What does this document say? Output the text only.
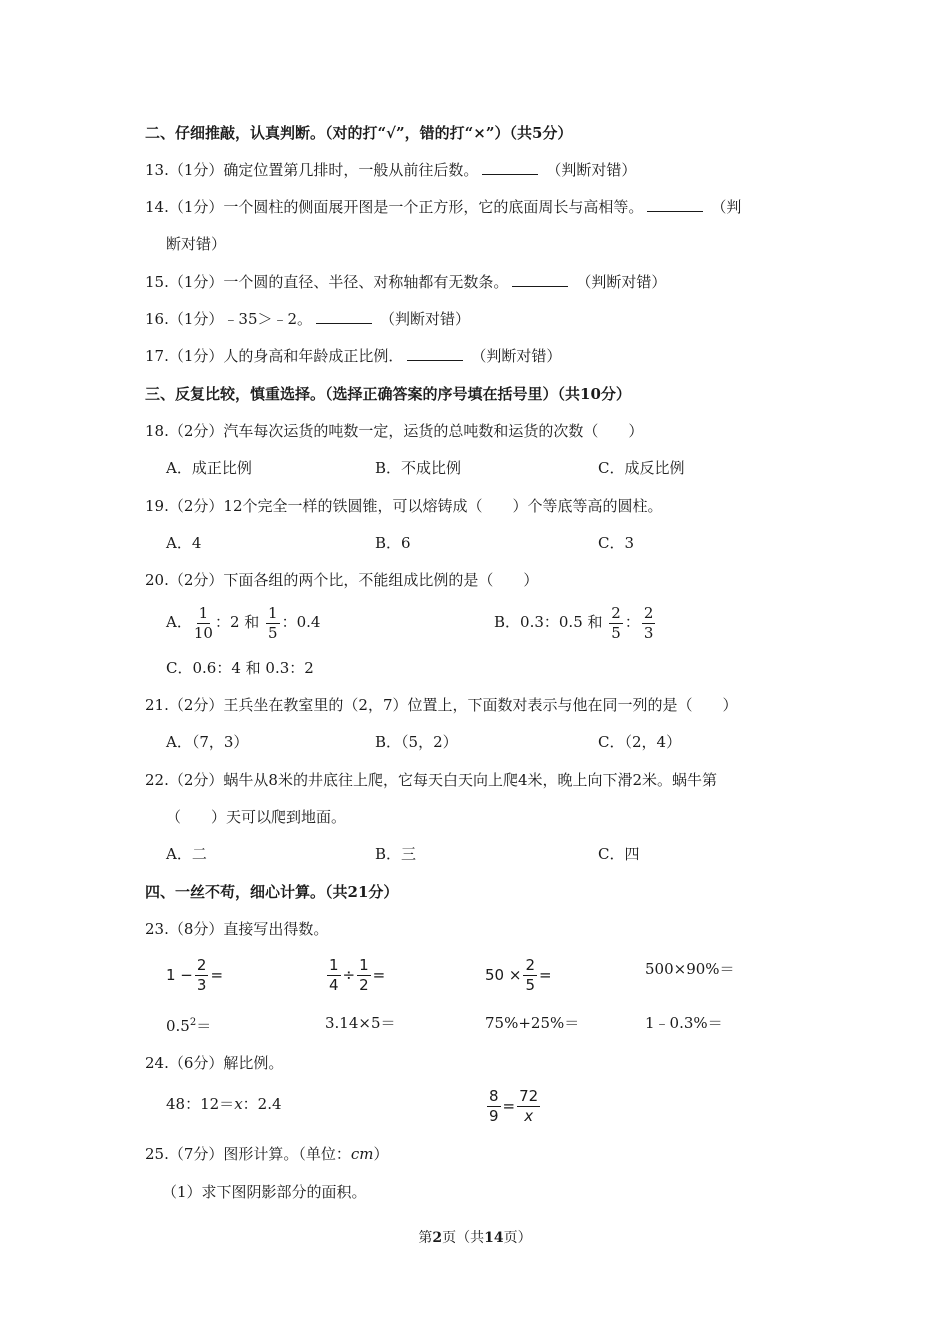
二、仔细推敲，认真判断。（对的打“√”，错的打“×”）（共5分）
13.（1分）确定位置第几排时，一般从前往后数。	（判断对错）
14.（1分）一个圆柱的侧面展开图是一个正方形，它的底面周长与高相等。	（判
断对错）
15.（1分）一个圆的直径、半径、对称轴都有无数条。	（判断对错）
16.（1分）﹣35＞﹣2。	（判断对错）
17.（1分）人的身高和年龄成正比例．	（判断对错）
三、反复比较，慎重选择。（选择正确答案的序号填在括号里）（共10分）
18.（2分）汽车每次运货的吨数一定，运货的总吨数和运货的次数（　　）
A．成正比例	B．不成比例	C．成反比例
19.（2分）12个完全一样的铁圆锥，可以熔铸成（　　）个等底等高的圆柱。
A．4	B．6	C．3
20.（2分）下面各组的两个比，不能组成比例的是（　　）
A． $\frac{1}{10}$ ：2 和 $\frac{1}{5}$ ：0.4	B．0.3：0.5 和 $\frac{2}{5}$ ： $\frac{2}{3}$
C．0.6：4 和 0.3：2
21.（2分）王兵坐在教室里的（2，7）位置上，下面数对表示与他在同一列的是（　　）
A．（7，3）	B．（5，2）	C．（2，4）
22.（2分）蜗牛从8米的井底往上爬，它每天白天向上爬4米，晚上向下滑2米。蜗牛第
（　　）天可以爬到地面。
A．二	B．三	C．四
四、一丝不苟，细心计算。（共21分）
23.（8分）直接写出得数。
$1 - \frac{2}{3}$ =	$\frac{1}{4} \div \frac{1}{2}$ =	$50 \times \frac{2}{5}$ =	500×90%＝
$0.5^2=$	3.14×5＝	75%+25%＝	1﹣0.3%＝
24.（6分）解比例。
48：12＝x：2.4	$\frac{8}{9} = \frac{72}{x}$
25.（7分）图形计算。（单位：cm）
（1）求下图阴影部分的面积。
第2页（共14页）
